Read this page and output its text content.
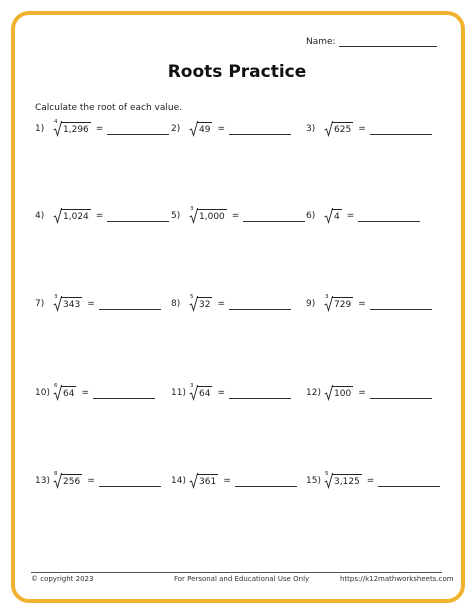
Name:
Roots Practice
Calculate the root of each value.
1)
4
1,296 =	2)	49 =	3)	625 =
4)	1,024 =	5)
3
1,000 =	6)	4 =
7)
3
343 =	8)
5
32 =	9)
3
729 =
10)
6
64 =	11)
3
64 =	12) 100 =
13)
8
256 =	14) 361 =	15)
5
3,125 =
© copyright 2023	For Personal and Educational Use Only	https://k12mathworksheets.com
